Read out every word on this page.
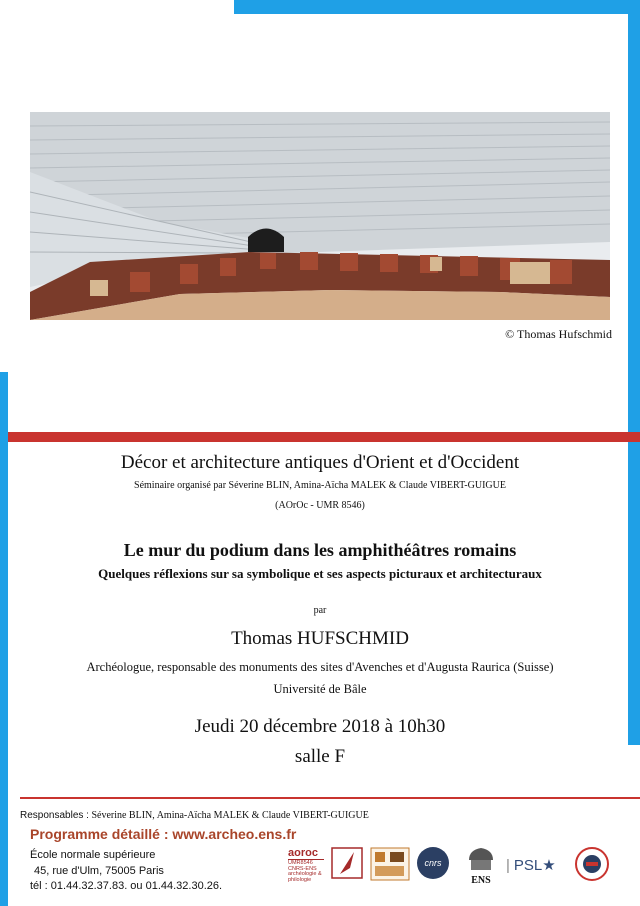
© Thomas Hufschmid
Décor et architecture antiques d'Orient et d'Occident
Séminaire organisé par Séverine BLIN, Amina-Aïcha MALEK & Claude VIBERT-GUIGUE
(AOrOc - UMR 8546)
Le mur du podium dans les amphithéâtres romains
Quelques réflexions sur sa symbolique et ses aspects picturaux et architecturaux
par
Thomas HUFSCHMID
Archéologue, responsable des monuments des sites d'Avenches et d'Augusta Raurica (Suisse)
Université de Bâle
Jeudi 20 décembre 2018 à 10h30
salle F
Responsables : Séverine BLIN, Amina-Aïcha MALEK & Claude VIBERT-GUIGUE
Programme détaillé : www.archeo.ens.fr
École normale supérieure
45, rue d'Ulm, 75005 Paris
tél : 01.44.32.37.83. ou 01.44.32.30.26.
aoroc
UMR8546 CNRS-ENS archéologie & philologie
cnrs
ENS
| PSL★
